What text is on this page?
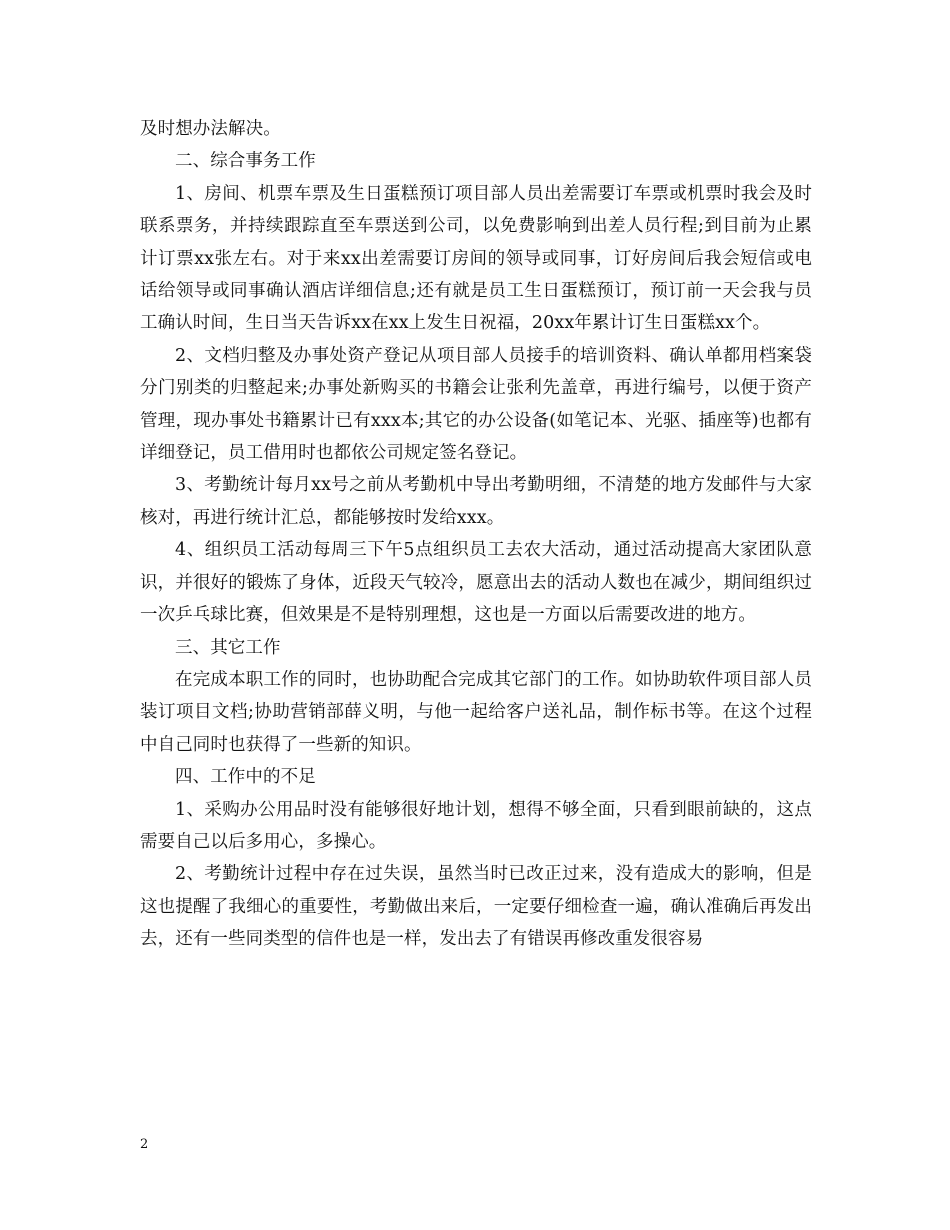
及时想办法解决。

二、综合事务工作

1、房间、机票车票及生日蛋糕预订项目部人员出差需要订车票或机票时我会及时联系票务，并持续跟踪直至车票送到公司，以免费影响到出差人员行程;到目前为止累计订票xx张左右。对于来xx出差需要订房间的领导或同事，订好房间后我会短信或电话给领导或同事确认酒店详细信息;还有就是员工生日蛋糕预订，预订前一天会我与员工确认时间，生日当天告诉xx在xx上发生日祝福，20xx年累计订生日蛋糕xx个。

2、文档归整及办事处资产登记从项目部人员接手的培训资料、确认单都用档案袋分门别类的归整起来;办事处新购买的书籍会让张利先盖章，再进行编号，以便于资产管理，现办事处书籍累计已有xxx本;其它的办公设备(如笔记本、光驱、插座等)也都有详细登记，员工借用时也都依公司规定签名登记。

3、考勤统计每月xx号之前从考勤机中导出考勤明细，不清楚的地方发邮件与大家核对，再进行统计汇总，都能够按时发给xxx。

4、组织员工活动每周三下午5点组织员工去农大活动，通过活动提高大家团队意识，并很好的锻炼了身体，近段天气较冷，愿意出去的活动人数也在减少，期间组织过一次乒乓球比赛，但效果是不是特别理想，这也是一方面以后需要改进的地方。

三、其它工作

在完成本职工作的同时，也协助配合完成其它部门的工作。如协助软件项目部人员装订项目文档;协助营销部薛义明，与他一起给客户送礼品，制作标书等。在这个过程中自己同时也获得了一些新的知识。

四、工作中的不足

1、采购办公用品时没有能够很好地计划，想得不够全面，只看到眼前缺的，这点需要自己以后多用心，多操心。

2、考勤统计过程中存在过失误，虽然当时已改正过来，没有造成大的影响，但是这也提醒了我细心的重要性，考勤做出来后，一定要仔细检查一遍，确认准确后再发出去，还有一些同类型的信件也是一样，发出去了有错误再修改重发很容易

2
